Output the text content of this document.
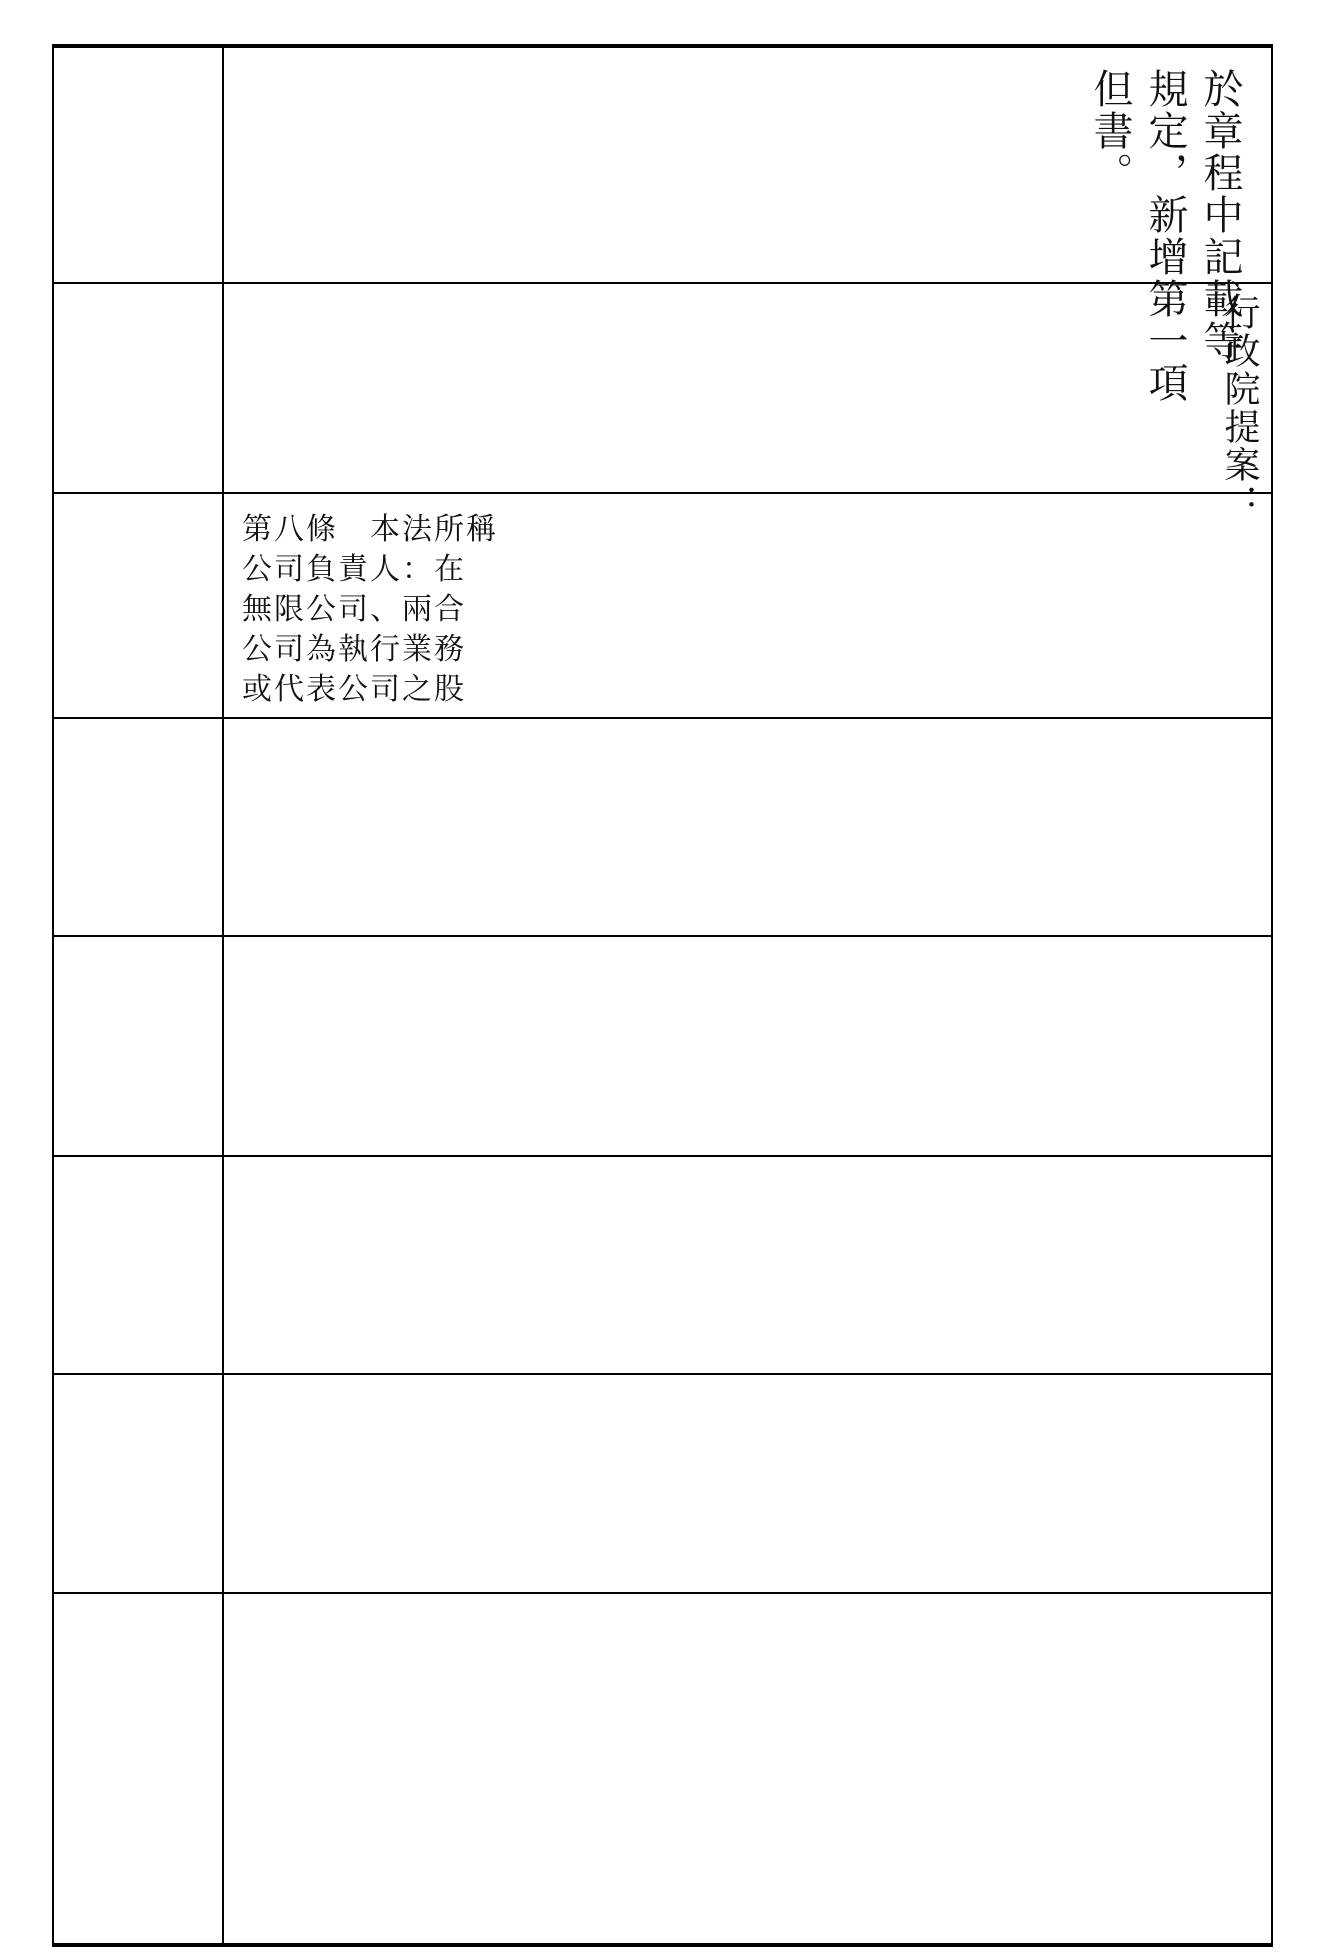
於章程中記載等
規定，新增第一項
但書。
行政院提案：
第八條　本法所稱
公司負責人：在
無限公司、兩合
公司為執行業務
或代表公司之股
